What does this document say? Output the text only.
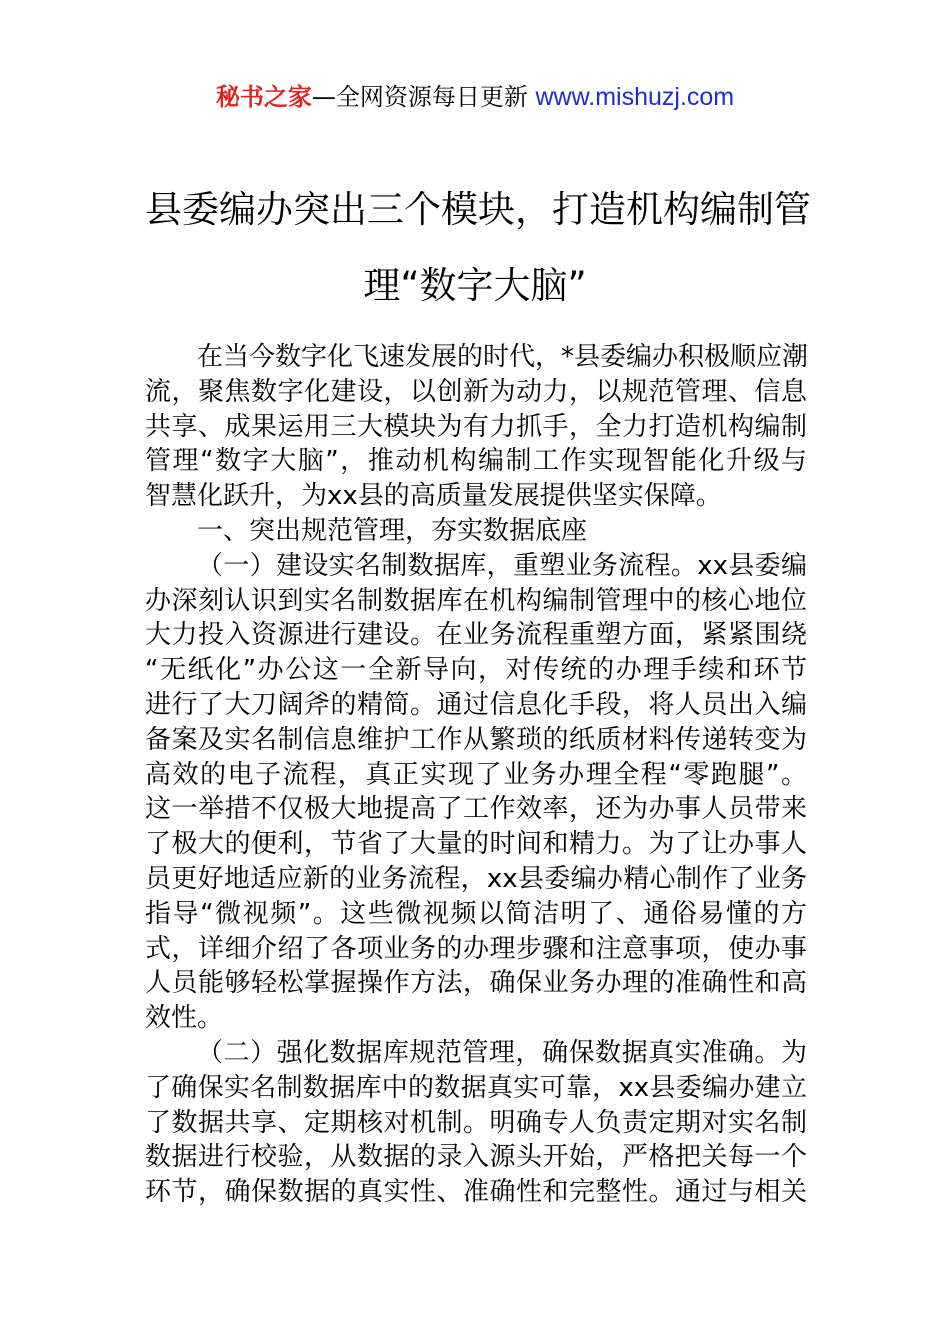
秘书之家—全网资源每日更新 www.mishuzj.com
县委编办突出三个模块，打造机构编制管
理“数字大脑”
在当今数字化飞速发展的时代，*县委编办积极顺应潮
流，聚焦数字化建设，以创新为动力，以规范管理、信息
共享、成果运用三大模块为有力抓手，全力打造机构编制
管理“数字大脑”，推动机构编制工作实现智能化升级与
智慧化跃升，为xx县的高质量发展提供坚实保障。
一、突出规范管理，夯实数据底座
（一）建设实名制数据库，重塑业务流程。xx县委编
办深刻认识到实名制数据库在机构编制管理中的核心地位
大力投入资源进行建设。在业务流程重塑方面，紧紧围绕
“无纸化”办公这一全新导向，对传统的办理手续和环节
进行了大刀阔斧的精简。通过信息化手段，将人员出入编
备案及实名制信息维护工作从繁琐的纸质材料传递转变为
高效的电子流程，真正实现了业务办理全程“零跑腿”。
这一举措不仅极大地提高了工作效率，还为办事人员带来
了极大的便利，节省了大量的时间和精力。为了让办事人
员更好地适应新的业务流程，xx县委编办精心制作了业务
指导“微视频”。这些微视频以简洁明了、通俗易懂的方
式，详细介绍了各项业务的办理步骤和注意事项，使办事
人员能够轻松掌握操作方法，确保业务办理的准确性和高
效性。
（二）强化数据库规范管理，确保数据真实准确。为
了确保实名制数据库中的数据真实可靠，xx县委编办建立
了数据共享、定期核对机制。明确专人负责定期对实名制
数据进行校验，从数据的录入源头开始，严格把关每一个
环节，确保数据的真实性、准确性和完整性。通过与相关
